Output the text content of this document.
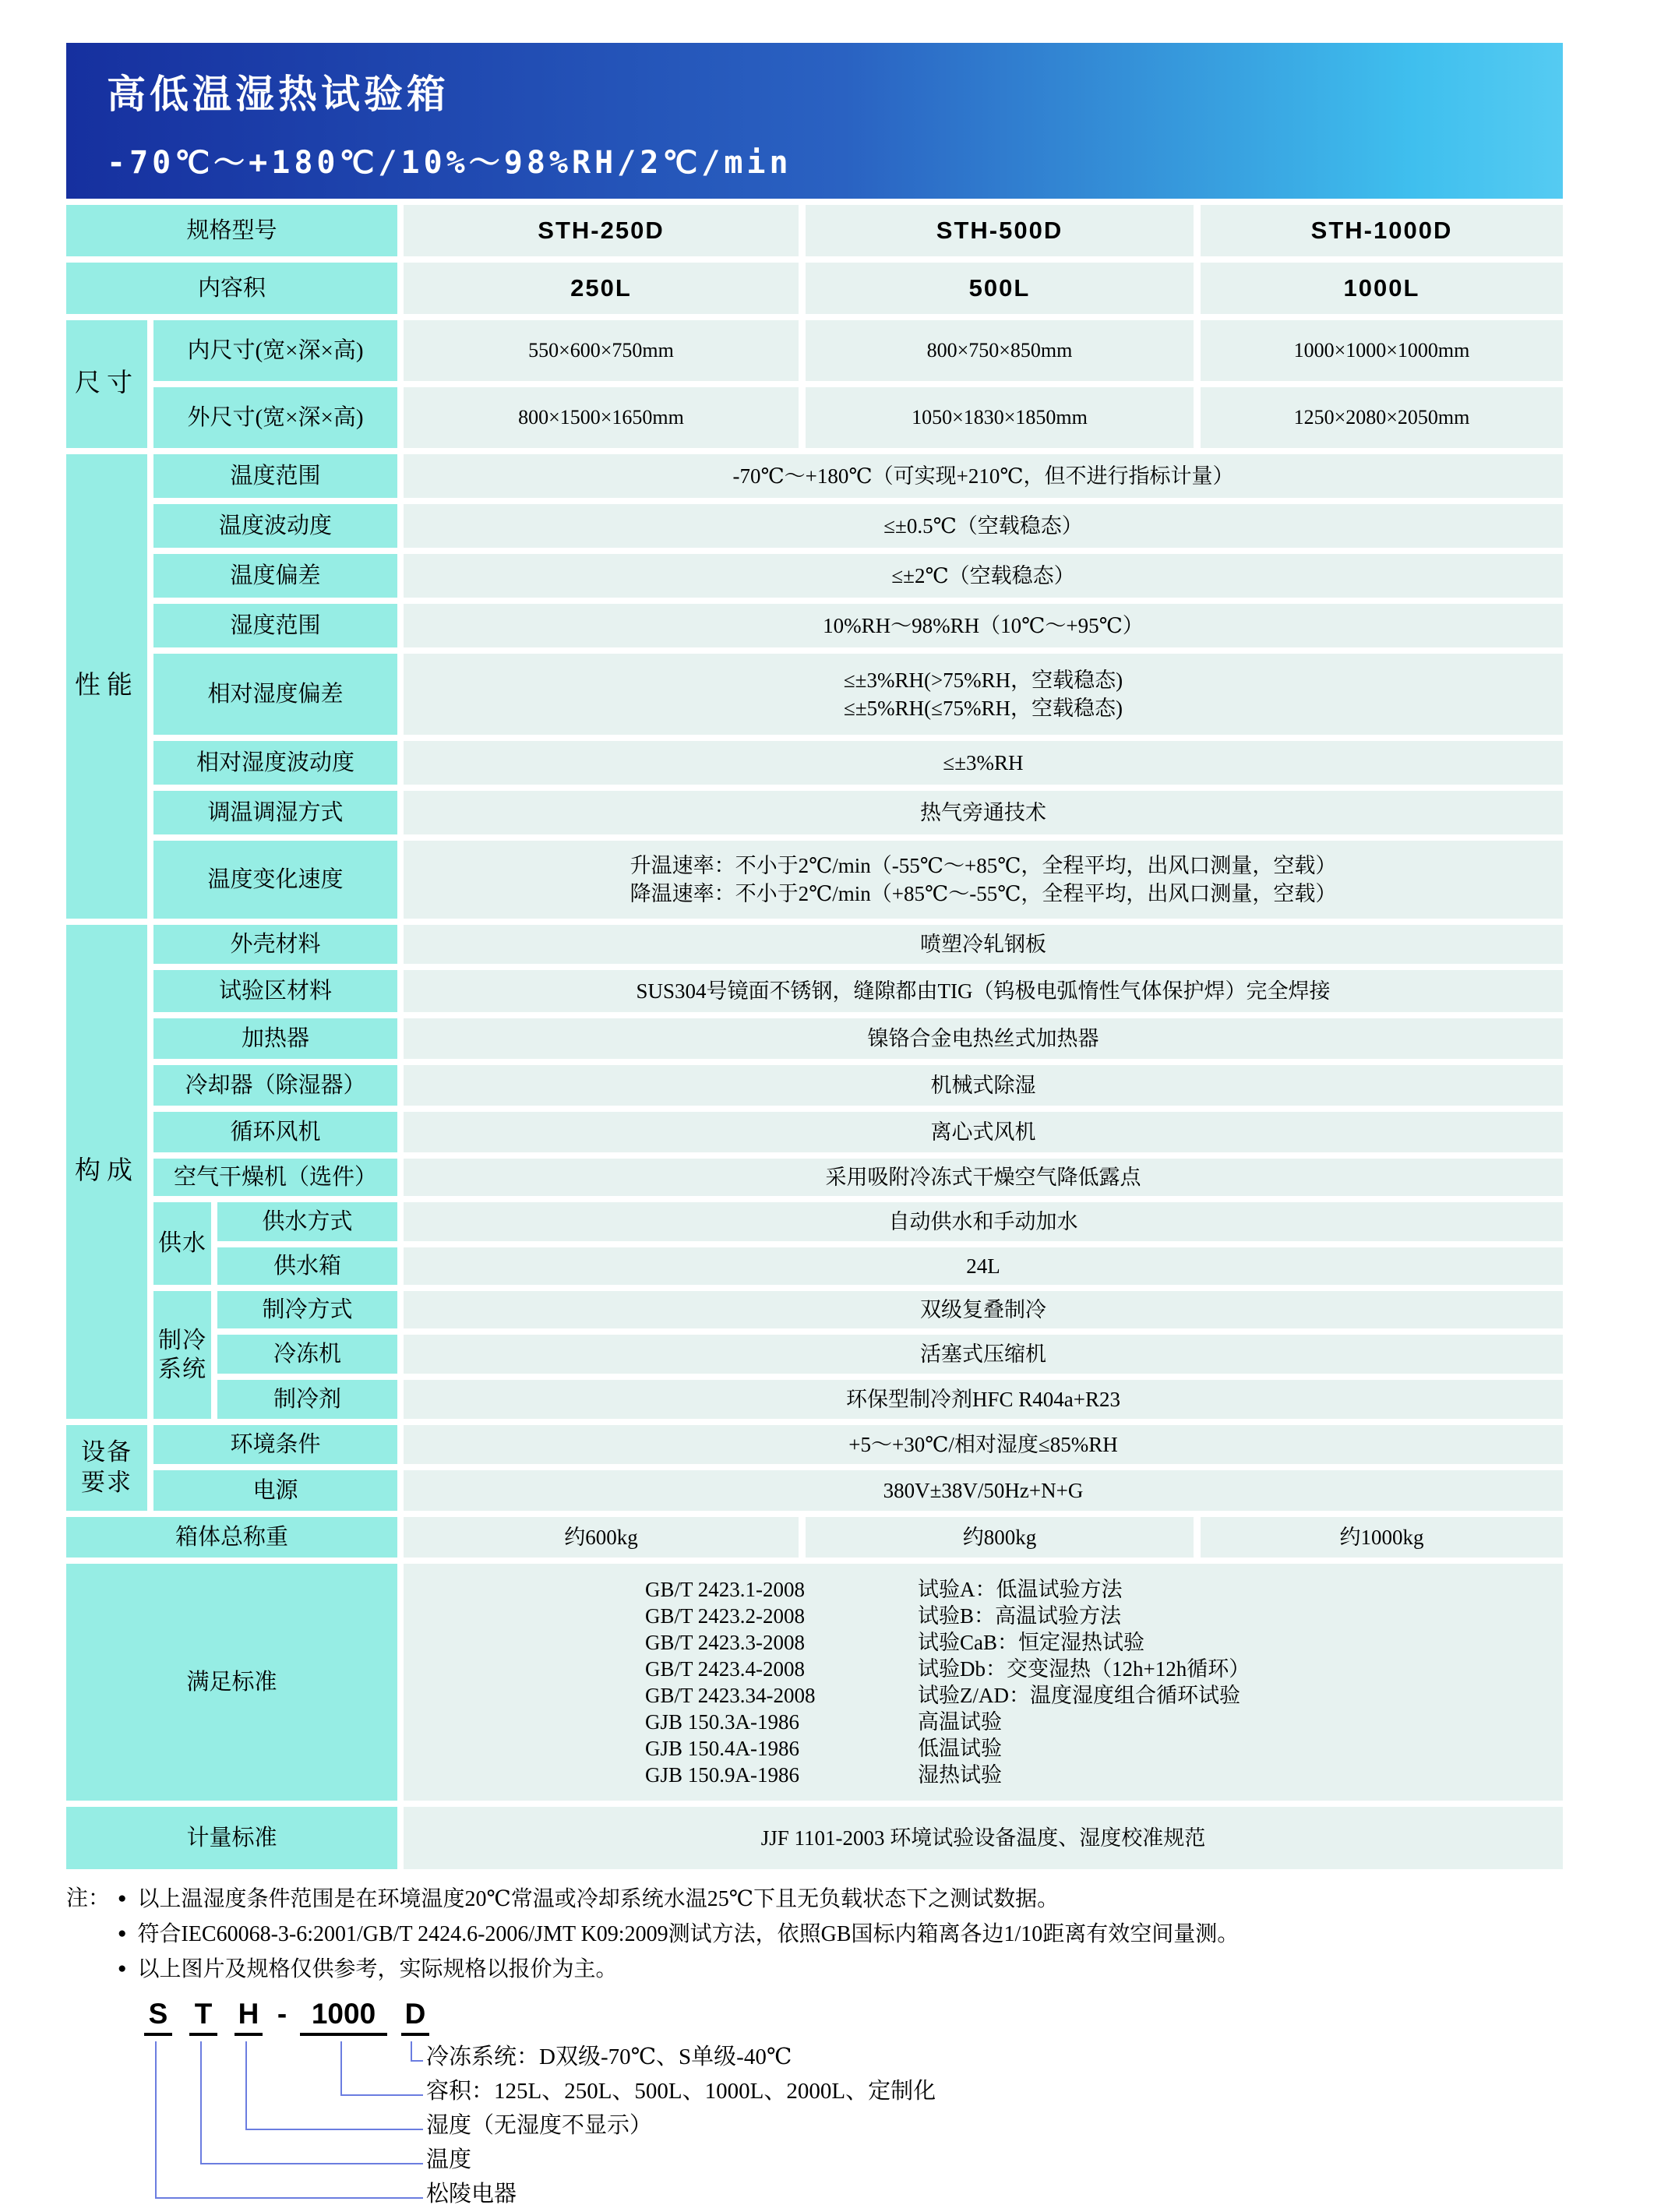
高低温湿热试验箱
-70℃～+180℃/10%～98%RH/2℃/min
规格型号	STH-250D	STH-500D	STH-1000D
内容积	250L	500L	1000L
尺寸
内尺寸(宽×深×高)	550×600×750mm	800×750×850mm	1000×1000×1000mm
外尺寸(宽×深×高)	800×1500×1650mm	1050×1830×1850mm	1250×2080×2050mm
性能
温度范围	-70℃～+180℃（可实现+210℃，但不进行指标计量）
温度波动度	≤±0.5℃（空载稳态）
温度偏差	≤±2℃（空载稳态）
湿度范围	10%RH～98%RH（10℃～+95℃）
相对湿度偏差
≤±3%RH(>75%RH，空载稳态)
≤±5%RH(≤75%RH，空载稳态)
相对湿度波动度	≤±3%RH
调温调湿方式	热气旁通技术
温度变化速度
升温速率：不小于2℃/min（-55℃～+85℃，全程平均，出风口测量，空载）
降温速率：不小于2℃/min（+85℃～-55℃，全程平均，出风口测量，空载）
构成
外壳材料	喷塑冷轧钢板
试验区材料	SUS304号镜面不锈钢，缝隙都由TIG（钨极电弧惰性气体保护焊）完全焊接
加热器	镍铬合金电热丝式加热器
冷却器（除湿器）	机械式除湿
循环风机	离心式风机
空气干燥机（选件）	采用吸附冷冻式干燥空气降低露点
供水
供水方式	自动供水和手动加水
供水箱	24L
制冷
系统
制冷方式	双级复叠制冷
冷冻机	活塞式压缩机
制冷剂	环保型制冷剂HFC R404a+R23
设备
要求
环境条件	+5～+30℃/相对湿度≤85%RH
电源	380V±38V/50Hz+N+G
箱体总称重	约600kg	约800kg	约1000kg
满足标准
GB/T 2423.1-2008	试验A：低温试验方法
GB/T 2423.2-2008	试验B：高温试验方法
GB/T 2423.3-2008	试验CaB：恒定湿热试验
GB/T 2423.4-2008	试验Db：交变湿热（12h+12h循环）
GB/T 2423.34-2008	试验Z/AD：温度湿度组合循环试验
GJB 150.3A-1986	高温试验
GJB 150.4A-1986	低温试验
GJB 150.9A-1986	湿热试验
计量标准	JJF 1101-2003 环境试验设备温度、湿度校准规范
注： ● 以上温湿度条件范围是在环境温度20℃常温或冷却系统水温25℃下且无负载状态下之测试数据。
● 符合IEC60068-3-6:2001/GB/T 2424.6-2006/JMT K09:2009测试方法，依照GB国标内箱离各边1/10距离有效空间量测。
● 以上图片及规格仅供参考，实际规格以报价为主。
S T H - 1000	D
冷冻系统：D双级-70℃、S单级-40℃
容积：125L、250L、500L、1000L、2000L、定制化
湿度（无湿度不显示）
温度
松陵电器
